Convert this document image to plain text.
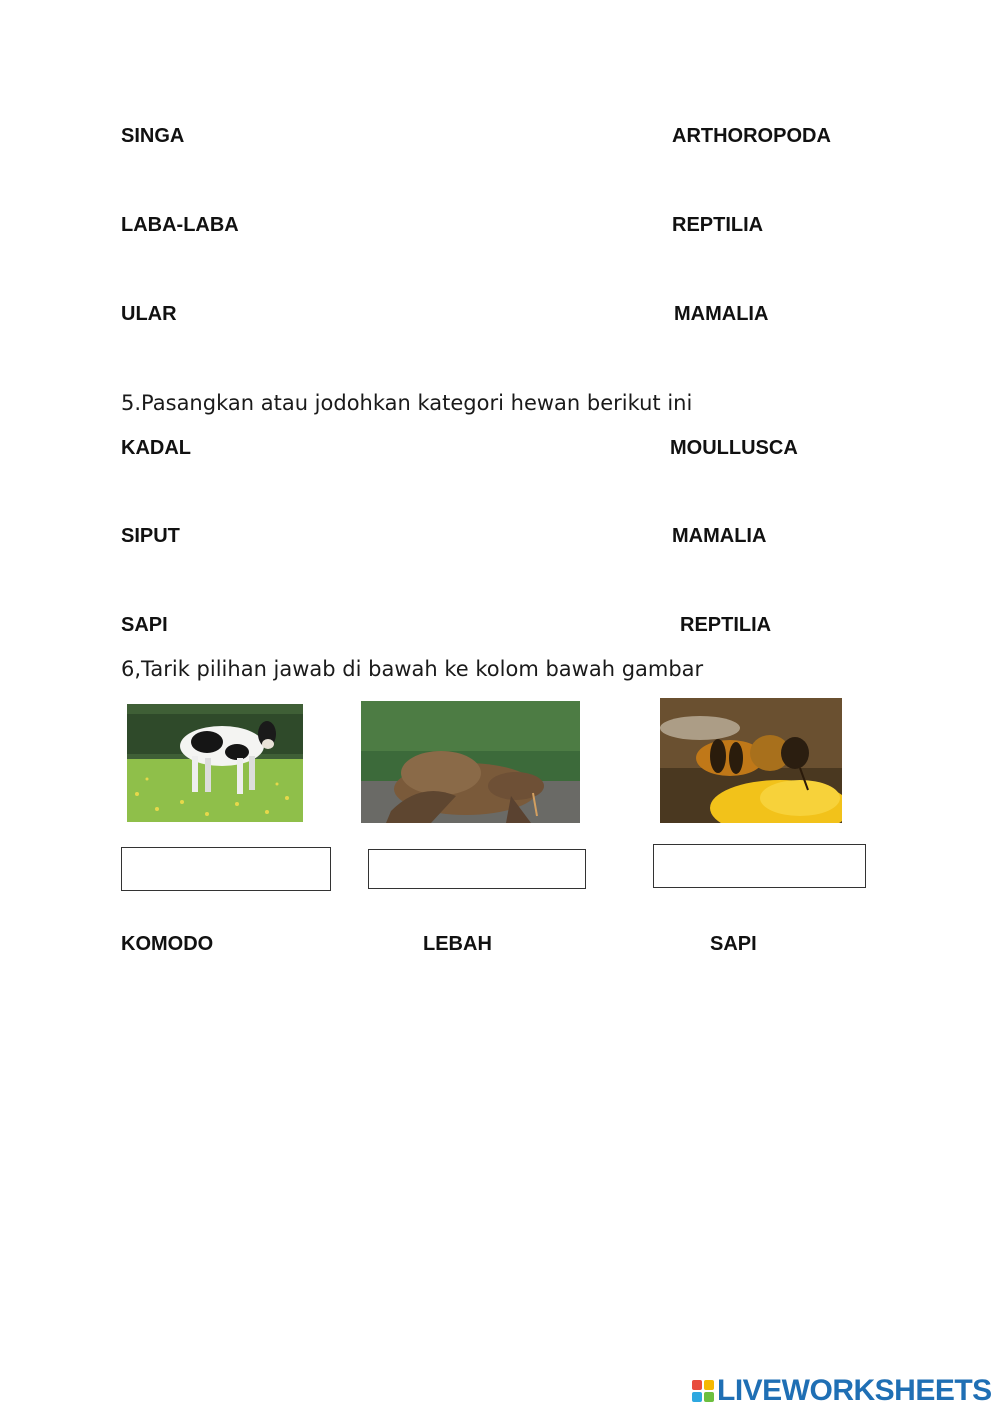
SINGA	ARTHOROPODA
LABA-LABA	REPTILIA
ULAR	MAMALIA
5.Pasangkan atau jodohkan kategori hewan berikut ini
KADAL	MOULLUSCA
SIPUT	MAMALIA
SAPI	REPTILIA
6,Tarik pilihan jawab di bawah ke kolom bawah gambar
KOMODO	LEBAH	SAPI
LIVEWORKSHEETS
